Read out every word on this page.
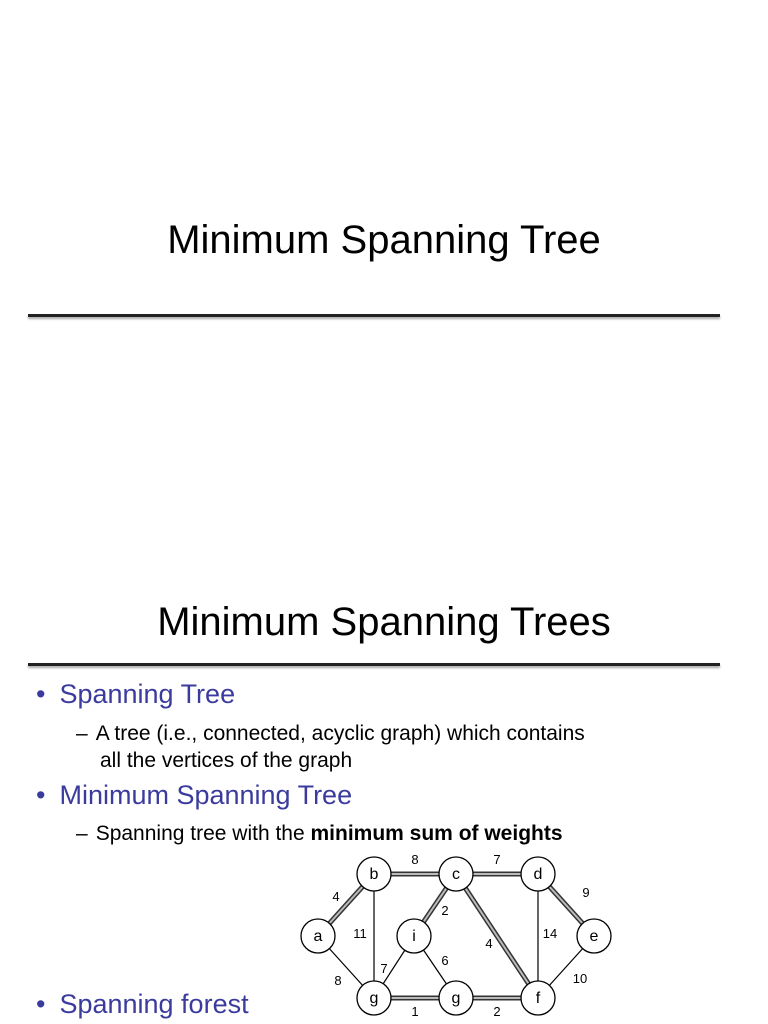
Minimum Spanning Tree
Minimum Spanning Trees
• Spanning Tree
– A tree (i.e., connected, acyclic graph) which contains
all the vertices of the graph
• Minimum Spanning Tree
– Spanning tree with the minimum sum of weights
4
8
8
11
7
2
4
9
14
10
7
6
1	2
a
b	c	d
e
i
g	g	f
• Spanning forest
